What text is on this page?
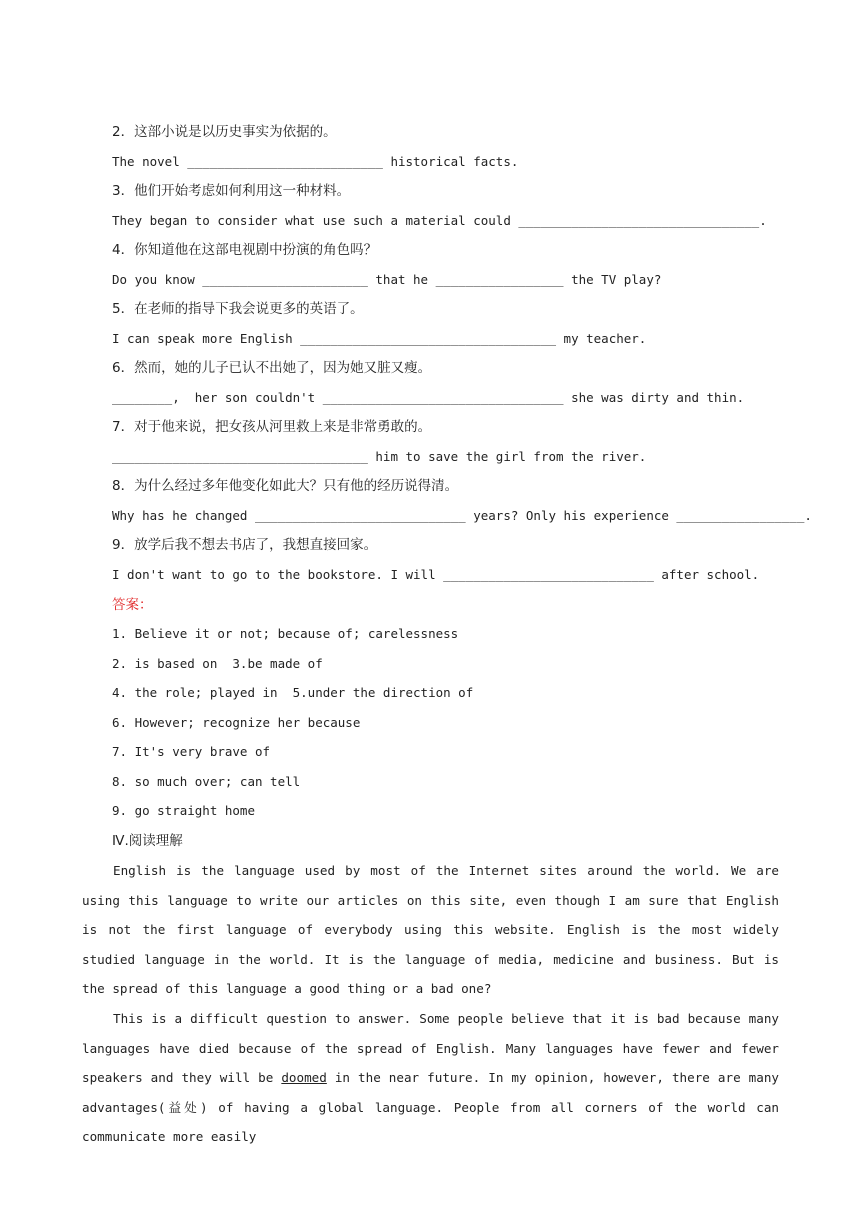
2．这部小说是以历史事实为依据的。
The novel __________________________ historical facts.
3．他们开始考虑如何利用这一种材料。
They began to consider what use such a material could ________________________________.
4．你知道他在这部电视剧中扮演的角色吗？
Do you know ______________________ that he _________________ the TV play?
5．在老师的指导下我会说更多的英语了。
I can speak more English __________________________________ my teacher.
6．然而，她的儿子已认不出她了，因为她又脏又瘦。
________,  her son couldn't ________________________________ she was dirty and thin.
7．对于他来说，把女孩从河里救上来是非常勇敢的。
__________________________________ him to save the girl from the river.
8．为什么经过多年他变化如此大？只有他的经历说得清。
Why has he changed ____________________________ years? Only his experience _________________.
9．放学后我不想去书店了，我想直接回家。
I don't want to go to the bookstore. I will ____________________________ after school.
答案：
1. Believe it or not; because of; carelessness
2. is based on  3.be made of
4. the role; played in  5.under the direction of
6. However; recognize her because
7. It's very brave of
8. so much over; can tell
9. go straight home
Ⅳ.阅读理解
English is the language used by most of the Internet sites around the world. We are using this language to write our articles on this site, even though I am sure that English is not the first language of everybody using this website. English is the most widely studied language in the world. It is the language of media, medicine and business. But is the spread of this language a good thing or a bad one?
This is a difficult question to answer. Some people believe that it is bad because many languages have died because of the spread of English. Many languages have fewer and fewer speakers and they will be doomed in the near future. In my opinion, however, there are many advantages(益处) of having a global language. People from all corners of the world can communicate more easily
